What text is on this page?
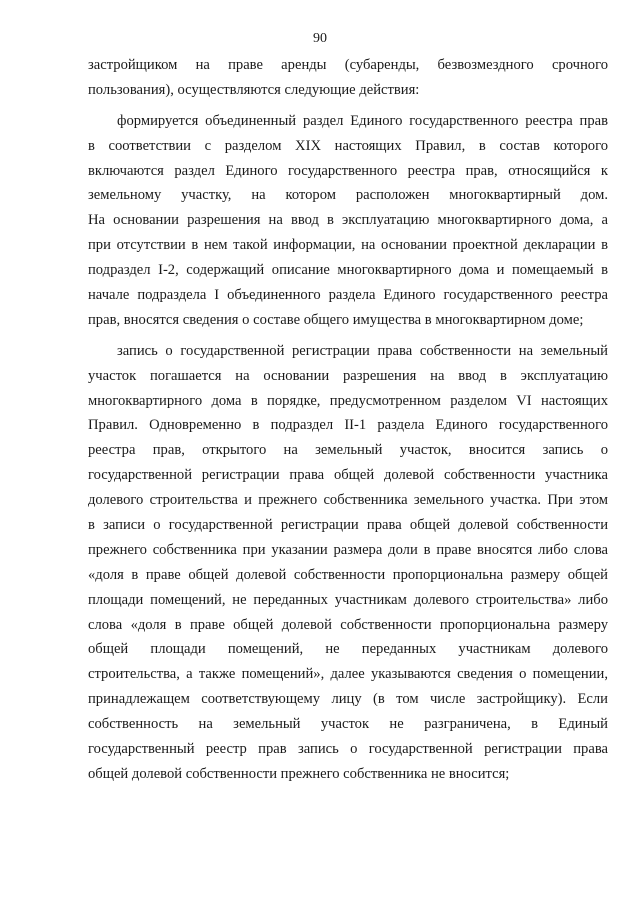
90
застройщиком на праве аренды (субаренды, безвозмездного срочного
пользования), осуществляются следующие действия:
формируется объединенный раздел Единого государственного реестра прав
в соответствии с разделом XIX настоящих Правил, в состав которого
включаются раздел Единого государственного реестра прав, относящийся к
земельному участку, на котором расположен многоквартирный дом.
На основании разрешения на ввод в эксплуатацию многоквартирного дома, а
при отсутствии в нем такой информации, на основании проектной декларации в
подраздел I-2, содержащий описание многоквартирного дома и помещаемый в
начале подраздела I объединенного раздела Единого государственного реестра
прав, вносятся сведения о составе общего имущества в многоквартирном доме;
запись о государственной регистрации права собственности на земельный
участок погашается на основании разрешения на ввод в эксплуатацию
многоквартирного дома в порядке, предусмотренном разделом VI настоящих
Правил. Одновременно в подраздел II-1 раздела Единого государственного
реестра прав, открытого на земельный участок, вносится запись о
государственной регистрации права общей долевой собственности участника
долевого строительства и прежнего собственника земельного участка. При этом
в записи о государственной регистрации права общей долевой собственности
прежнего собственника при указании размера доли в праве вносятся либо слова
«доля в праве общей долевой собственности пропорциональна размеру общей
площади помещений, не переданных участникам долевого строительства» либо
слова «доля в праве общей долевой собственности пропорциональна размеру
общей площади помещений, не переданных участникам долевого
строительства, а также помещений», далее указываются сведения о помещении,
принадлежащем соответствующему лицу (в том числе застройщику). Если
собственность на земельный участок не разграничена, в Единый
государственный реестр прав запись о государственной регистрации права
общей долевой собственности прежнего собственника не вносится;
